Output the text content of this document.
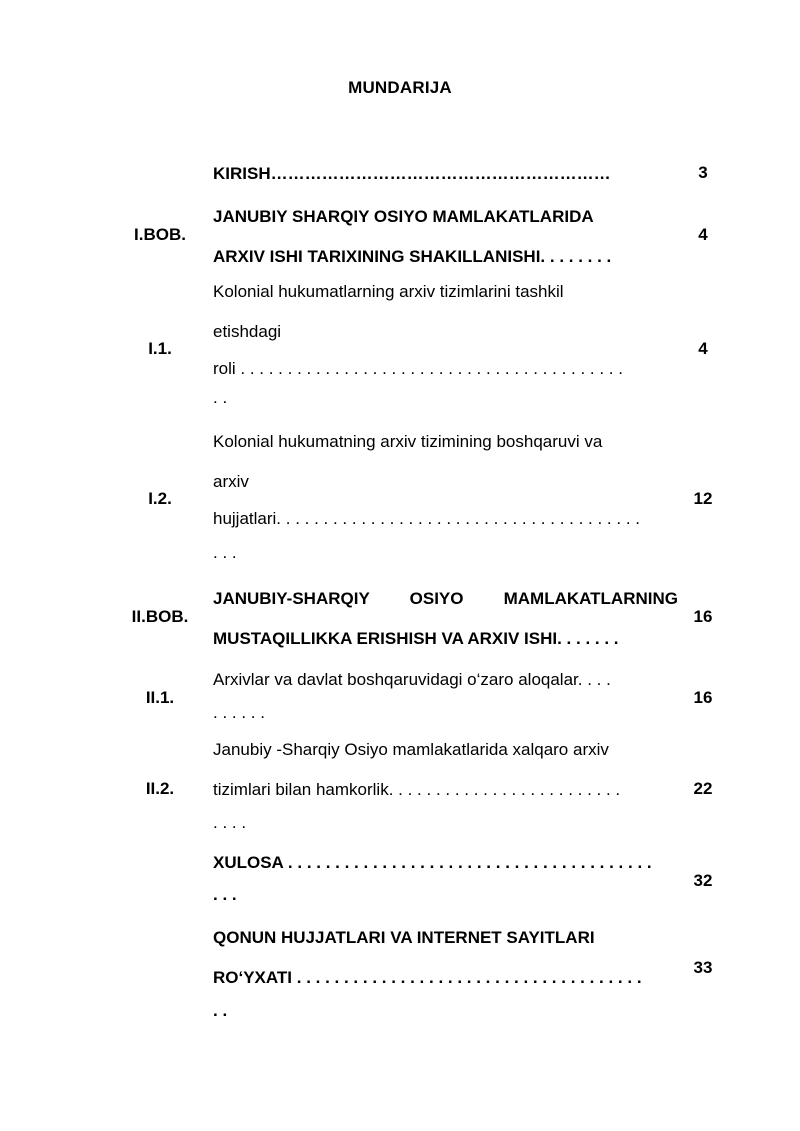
MUNDARIJA
KIRISH……………………………………………………	3
I.BOB.
JANUBIY SHARQIY OSIYO MAMLAKATLARIDA
ARXIV ISHI TARIXINING SHAKILLANISHI. . . . . . . .
4
I.1.
Kolonial hukumatlarning arxiv tizimlarini tashkil
etishdagi
roli . . . . . . . . . . . . . . . . . . . . . . . . . . . . . . . . . . . . . . . . .
. .
4
I.2.
Kolonial hukumatning arxiv tizimining boshqaruvi va
arxiv
hujjatlari. . . . . . . . . . . . . . . . . . . . . . . . . . . . . . . . . . . . . . .
. . .
12
II.BOB.
JANUBIY-SHARQIY OSIYO MAMLAKATLARNING
MUSTAQILLIKKA ERISHISH VA ARXIV ISHI. . . . . . .
16
II.1.
Arxivlar va davlat boshqaruvidagi o‘zaro aloqalar. . . .
. . . . . .
16
II.2.
Janubiy -Sharqiy Osiyo mamlakatlarida xalqaro arxiv
tizimlari bilan hamkorlik. . . . . . . . . . . . . . . . . . . . . . . . .
. . . .
22
XULOSA . . . . . . . . . . . . . . . . . . . . . . . . . . . . . . . . . . . . . . .
. . .
32
QONUN HUJJATLARI VA INTERNET SAYITLARI
RO‘YXATI . . . . . . . . . . . . . . . . . . . . . . . . . . . . . . . . . . . . .
. .
33
